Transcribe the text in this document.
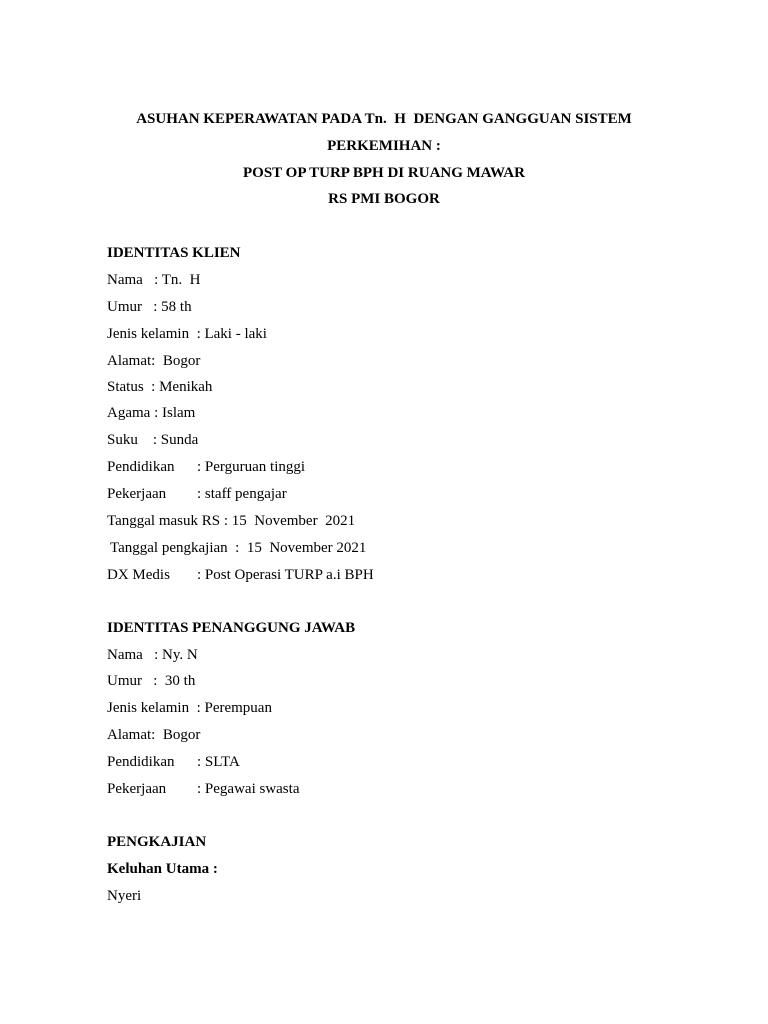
ASUHAN KEPERAWATAN PADA Tn.  H  DENGAN GANGGUAN SISTEM
PERKEMIHAN :
POST OP TURP BPH DI RUANG MAWAR
RS PMI BOGOR
IDENTITAS KLIEN
Nama   : Tn.  H
Umur   : 58 th
Jenis kelamin  : Laki - laki
Alamat:  Bogor
Status  : Menikah
Agama : Islam
Suku    : Sunda
Pendidikan : Perguruan tinggi
Pekerjaan : staff pengajar
Tanggal masuk RS : 15  November  2021
Tanggal pengkajian  :  15  November 2021
DX Medis : Post Operasi TURP a.i BPH
IDENTITAS PENANGGUNG JAWAB
Nama   : Ny. N
Umur   :  30 th
Jenis kelamin  : Perempuan
Alamat:  Bogor
Pendidikan : SLTA
Pekerjaan : Pegawai swasta
PENGKAJIAN
Keluhan Utama :
Nyeri
